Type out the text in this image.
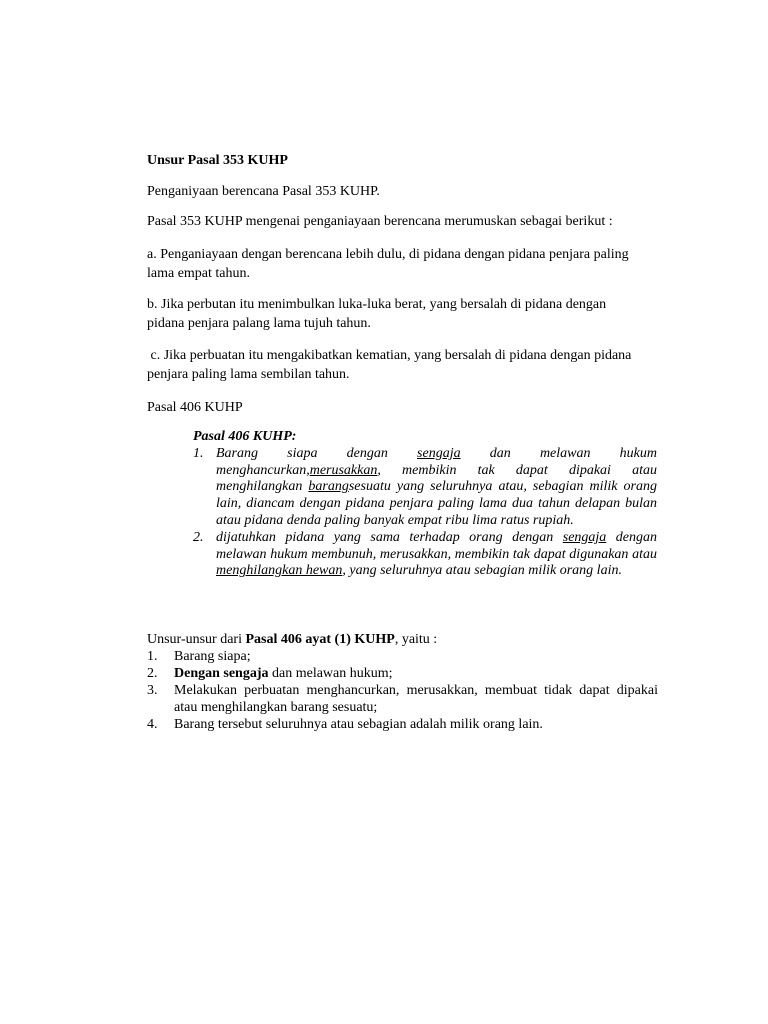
Unsur Pasal 353 KUHP
Penganiyaan berencana Pasal 353 KUHP.
Pasal 353 KUHP mengenai penganiayaan berencana merumuskan sebagai berikut :
a. Penganiayaan dengan berencana lebih dulu, di pidana dengan pidana penjara paling lama empat tahun.
b. Jika perbutan itu menimbulkan luka-luka berat, yang bersalah di pidana dengan pidana penjara palang lama tujuh tahun.
c. Jika perbuatan itu mengakibatkan kematian, yang bersalah di pidana dengan pidana penjara paling lama sembilan tahun.
Pasal 406 KUHP
Pasal 406 KUHP:
1. Barang siapa dengan sengaja dan melawan hukum menghancurkan,merusakkan, membikin tak dapat dipakai atau menghilangkan barangsesuatu yang seluruhnya atau, sebagian milik orang lain, diancam dengan pidana penjara paling lama dua tahun delapan bulan atau pidana denda paling banyak empat ribu lima ratus rupiah.
2. dijatuhkan pidana yang sama terhadap orang dengan sengaja dengan melawan hukum membunuh, merusakkan, membikin tak dapat digunakan atau menghilangkan hewan, yang seluruhnya atau sebagian milik orang lain.
Unsur-unsur dari Pasal 406 ayat (1) KUHP, yaitu :
1. Barang siapa;
2. Dengan sengaja dan melawan hukum;
3. Melakukan perbuatan menghancurkan, merusakkan, membuat tidak dapat dipakai atau menghilangkan barang sesuatu;
4. Barang tersebut seluruhnya atau sebagian adalah milik orang lain.
